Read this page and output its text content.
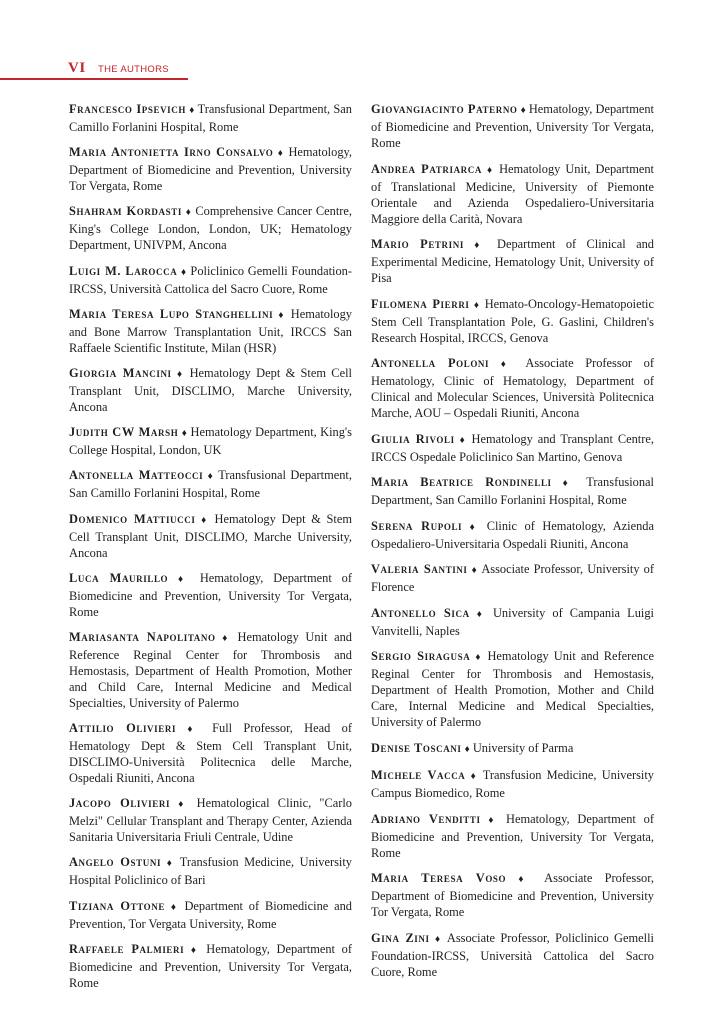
VI THE AUTHORS

Francesco Ipsevich ♦ Transfusional Department, San Camillo Forlanini Hospital, Rome

Maria Antonietta Irno Consalvo ♦ Hematology, Department of Biomedicine and Prevention, University Tor Vergata, Rome

Shahram Kordasti ♦ Comprehensive Cancer Centre, King's College London, London, UK; Hematology Department, UNIVPM, Ancona

Luigi M. Larocca ♦ Policlinico Gemelli Foundation-IRCSS, Università Cattolica del Sacro Cuore, Rome

Maria Teresa Lupo Stanghellini ♦ Hematology and Bone Marrow Transplantation Unit, IRCCS San Raffaele Scientific Institute, Milan (HSR)

Giorgia Mancini ♦ Hematology Dept & Stem Cell Transplant Unit, DISCLIMO, Marche University, Ancona

Judith CW Marsh ♦ Hematology Department, King's College Hospital, London, UK

Antonella Matteocci ♦ Transfusional Department, San Camillo Forlanini Hospital, Rome

Domenico Mattiucci ♦ Hematology Dept & Stem Cell Transplant Unit, DISCLIMO, Marche University, Ancona

Luca Maurillo ♦ Hematology, Department of Biomedicine and Prevention, University Tor Vergata, Rome

Mariasanta Napolitano ♦ Hematology Unit and Reference Reginal Center for Thrombosis and Hemostasis, Department of Health Promotion, Mother and Child Care, Internal Medicine and Medical Specialties, University of Palermo

Attilio Olivieri ♦ Full Professor, Head of Hematology Dept & Stem Cell Transplant Unit, DISCLIMO-Università Politecnica delle Marche, Ospedali Riuniti, Ancona

Jacopo Olivieri ♦ Hematological Clinic, "Carlo Melzi" Cellular Transplant and Therapy Center, Azienda Sanitaria Universitaria Friuli Centrale, Udine

Angelo Ostuni ♦ Transfusion Medicine, University Hospital Policlinico of Bari

Tiziana Ottone ♦ Department of Biomedicine and Prevention, Tor Vergata University, Rome

Raffaele Palmieri ♦ Hematology, Department of Biomedicine and Prevention, University Tor Vergata, Rome

Giovangiacinto Paterno ♦ Hematology, Department of Biomedicine and Prevention, University Tor Vergata, Rome

Andrea Patriarca ♦ Hematology Unit, Department of Translational Medicine, University of Piemonte Orientale and Azienda Ospedaliero-Universitaria Maggiore della Carità, Novara

Mario Petrini ♦ Department of Clinical and Experimental Medicine, Hematology Unit, University of Pisa

Filomena Pierri ♦ Hemato-Oncology-Hematopoietic Stem Cell Transplantation Pole, G. Gaslini, Children's Research Hospital, IRCCS, Genova

Antonella Poloni ♦ Associate Professor of Hematology, Clinic of Hematology, Department of Clinical and Molecular Sciences, Università Politecnica Marche, AOU – Ospedali Riuniti, Ancona

Giulia Rivoli ♦ Hematology and Transplant Centre, IRCCS Ospedale Policlinico San Martino, Genova

Maria Beatrice Rondinelli ♦ Transfusional Department, San Camillo Forlanini Hospital, Rome

Serena Rupoli ♦ Clinic of Hematology, Azienda Ospedaliero-Universitaria Ospedali Riuniti, Ancona

Valeria Santini ♦ Associate Professor, University of Florence

Antonello Sica ♦ University of Campania Luigi Vanvitelli, Naples

Sergio Siragusa ♦ Hematology Unit and Reference Reginal Center for Thrombosis and Hemostasis, Department of Health Promotion, Mother and Child Care, Internal Medicine and Medical Specialties, University of Palermo

Denise Toscani ♦ University of Parma

Michele Vacca ♦ Transfusion Medicine, University Campus Biomedico, Rome

Adriano Venditti ♦ Hematology, Department of Biomedicine and Prevention, University Tor Vergata, Rome

Maria Teresa Voso ♦ Associate Professor, Department of Biomedicine and Prevention, University Tor Vergata, Rome

Gina Zini ♦ Associate Professor, Policlinico Gemelli Foundation-IRCSS, Università Cattolica del Sacro Cuore, Rome
